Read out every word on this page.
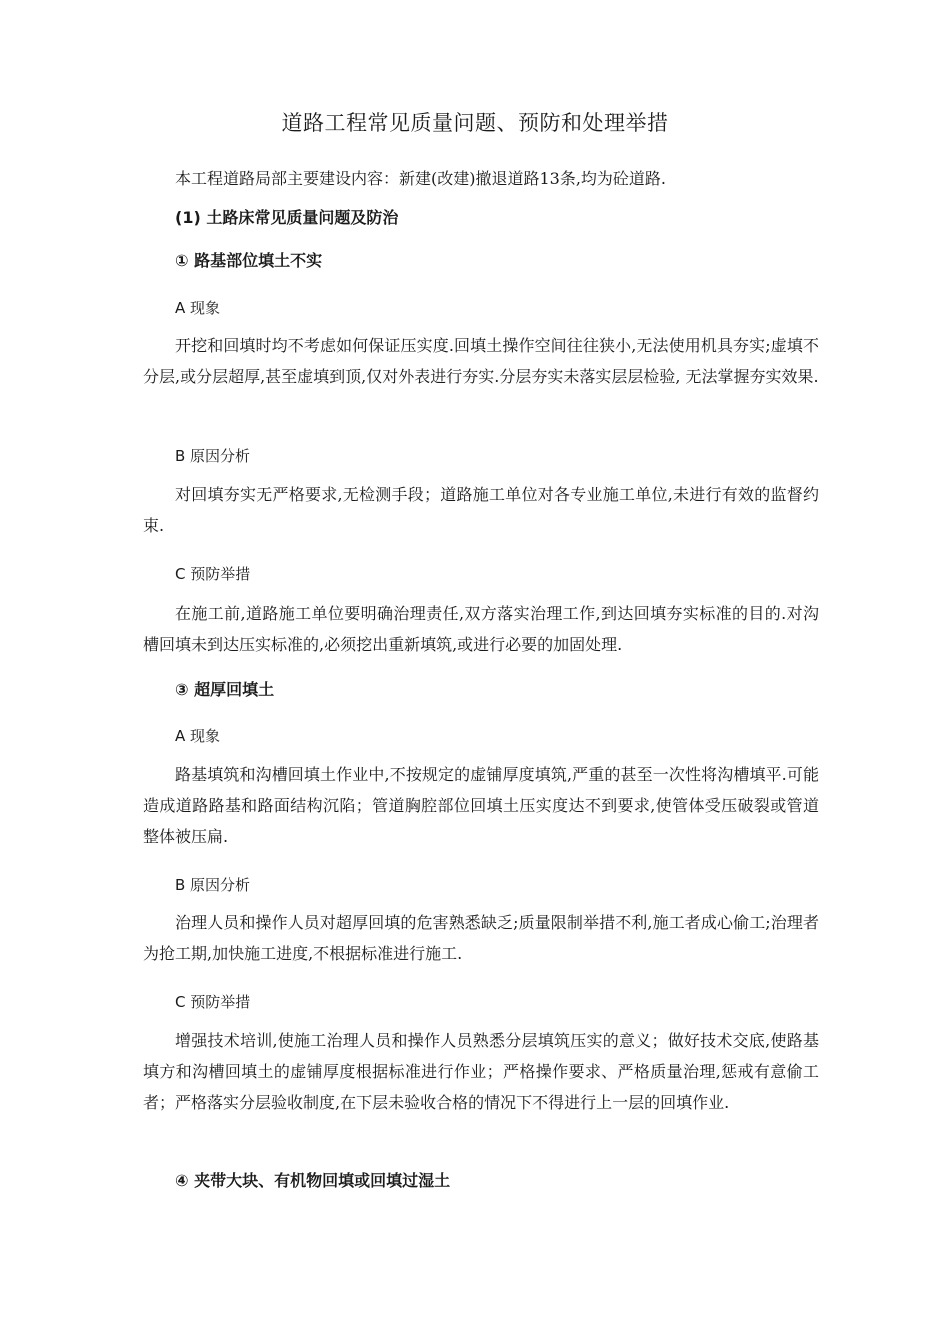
道路工程常见质量问题、预防和处理举措
本工程道路局部主要建设内容：新建(改建)撤退道路13条,均为砼道路.
(1) 土路床常见质量问题及防治
① 路基部位填土不实
A 现象
开挖和回填时均不考虑如何保证压实度.回填土操作空间往往狭小,无法使用机具夯实;虚填不分层,或分层超厚,甚至虚填到顶,仅对外表进行夯实.分层夯实未落实层层检验, 无法掌握夯实效果.
B 原因分析
对回填夯实无严格要求,无检测手段；道路施工单位对各专业施工单位,未进行有效的监督约束.
C 预防举措
在施工前,道路施工单位要明确治理责任,双方落实治理工作,到达回填夯实标准的目的.对沟槽回填未到达压实标准的,必须挖出重新填筑,或进行必要的加固处理.
③ 超厚回填土
A 现象
路基填筑和沟槽回填土作业中,不按规定的虚铺厚度填筑,严重的甚至一次性将沟槽填平.可能造成道路路基和路面结构沉陷；管道胸腔部位回填土压实度达不到要求,使管体受压破裂或管道整体被压扁.
B 原因分析
治理人员和操作人员对超厚回填的危害熟悉缺乏;质量限制举措不利,施工者成心偷工;治理者为抢工期,加快施工进度,不根据标准进行施工.
C 预防举措
增强技术培训,使施工治理人员和操作人员熟悉分层填筑压实的意义；做好技术交底,使路基填方和沟槽回填土的虚铺厚度根据标准进行作业；严格操作要求、严格质量治理,惩戒有意偷工者；严格落实分层验收制度,在下层未验收合格的情况下不得进行上一层的回填作业.
④ 夹带大块、有机物回填或回填过湿土
